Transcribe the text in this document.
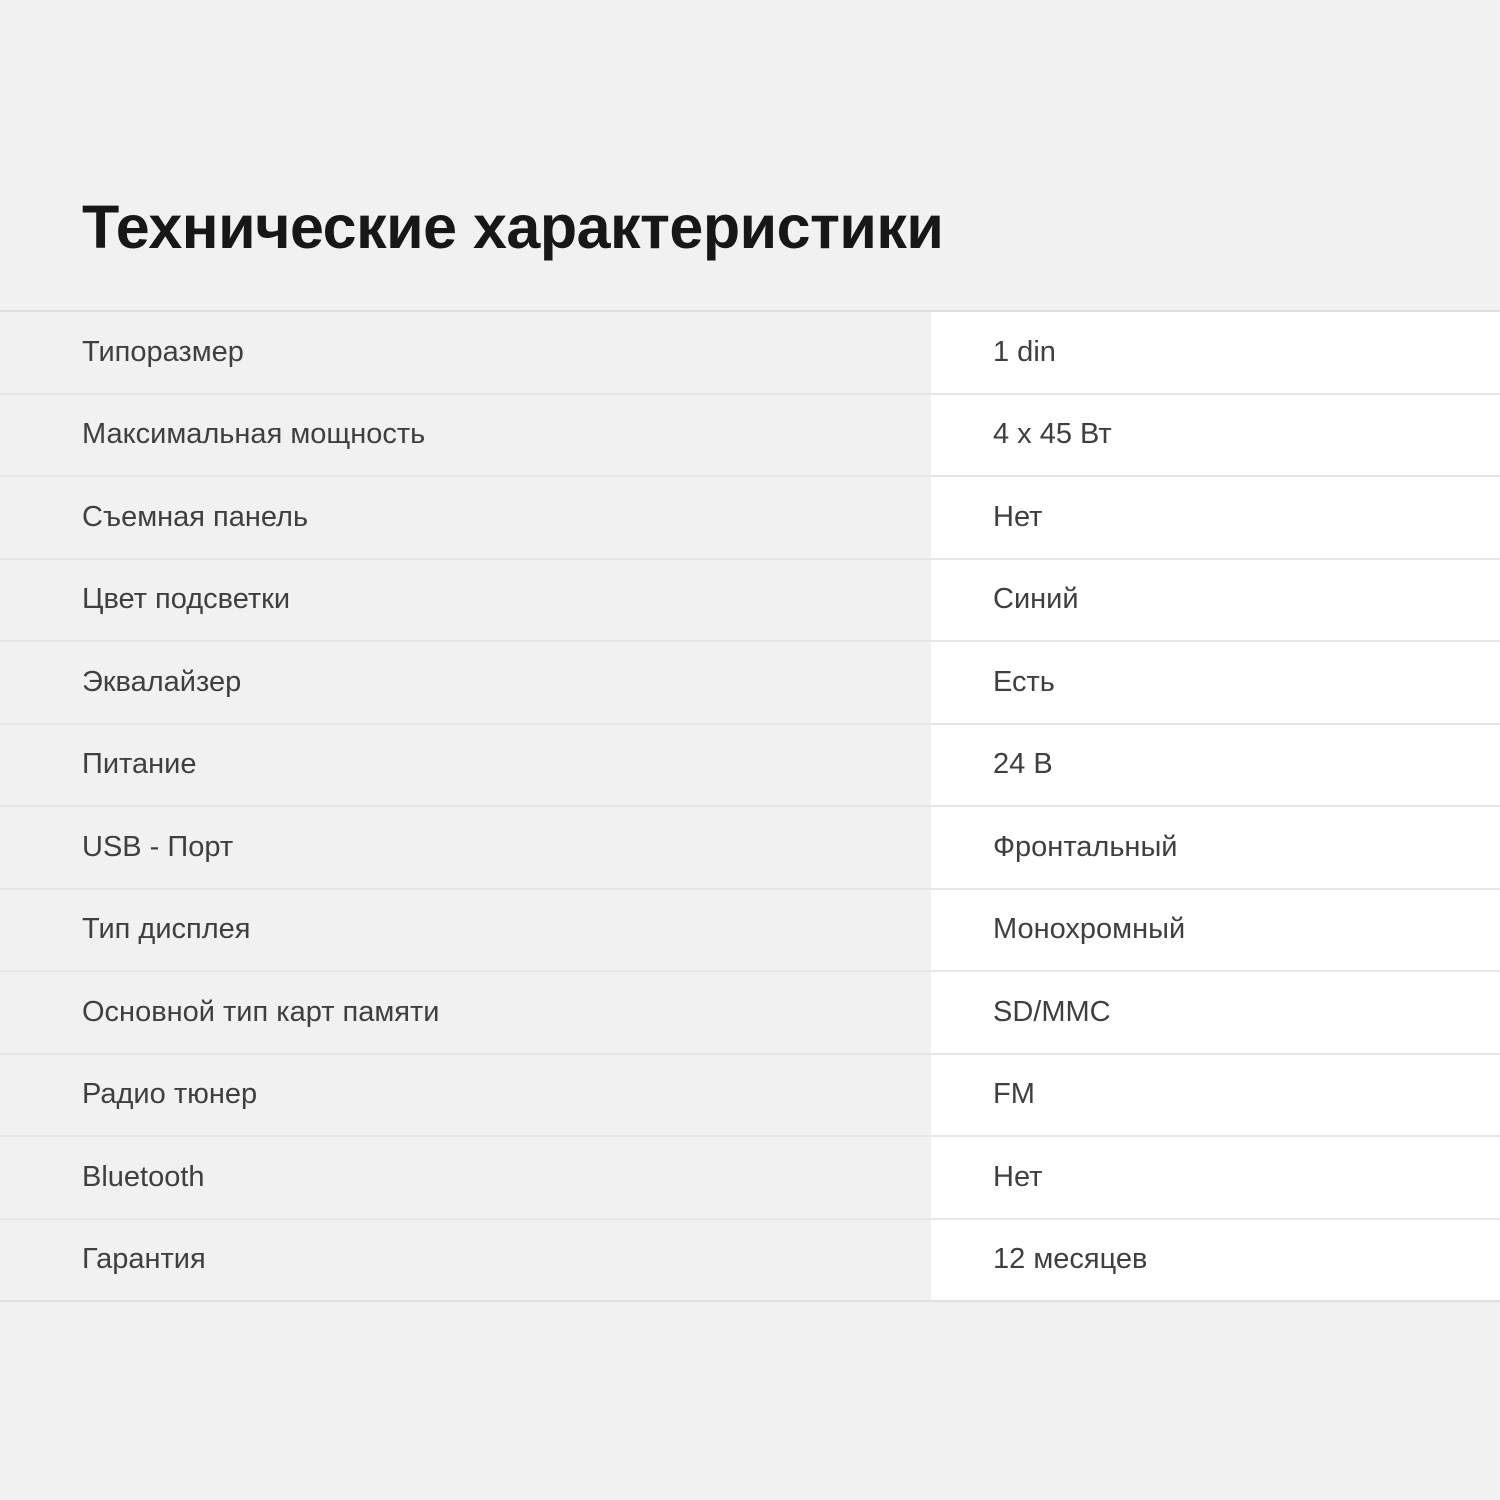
Технические характеристики
Типоразмер	1 din
Максимальная мощность	4 x 45 Вт
Съемная панель	Нет
Цвет подсветки	Синий
Эквалайзер	Есть
Питание	24 В
USB - Порт	Фронтальный
Тип дисплея	Монохромный
Основной тип карт памяти	SD/MMC
Радио тюнер	FM
Bluetooth	Нет
Гарантия	12 месяцев
